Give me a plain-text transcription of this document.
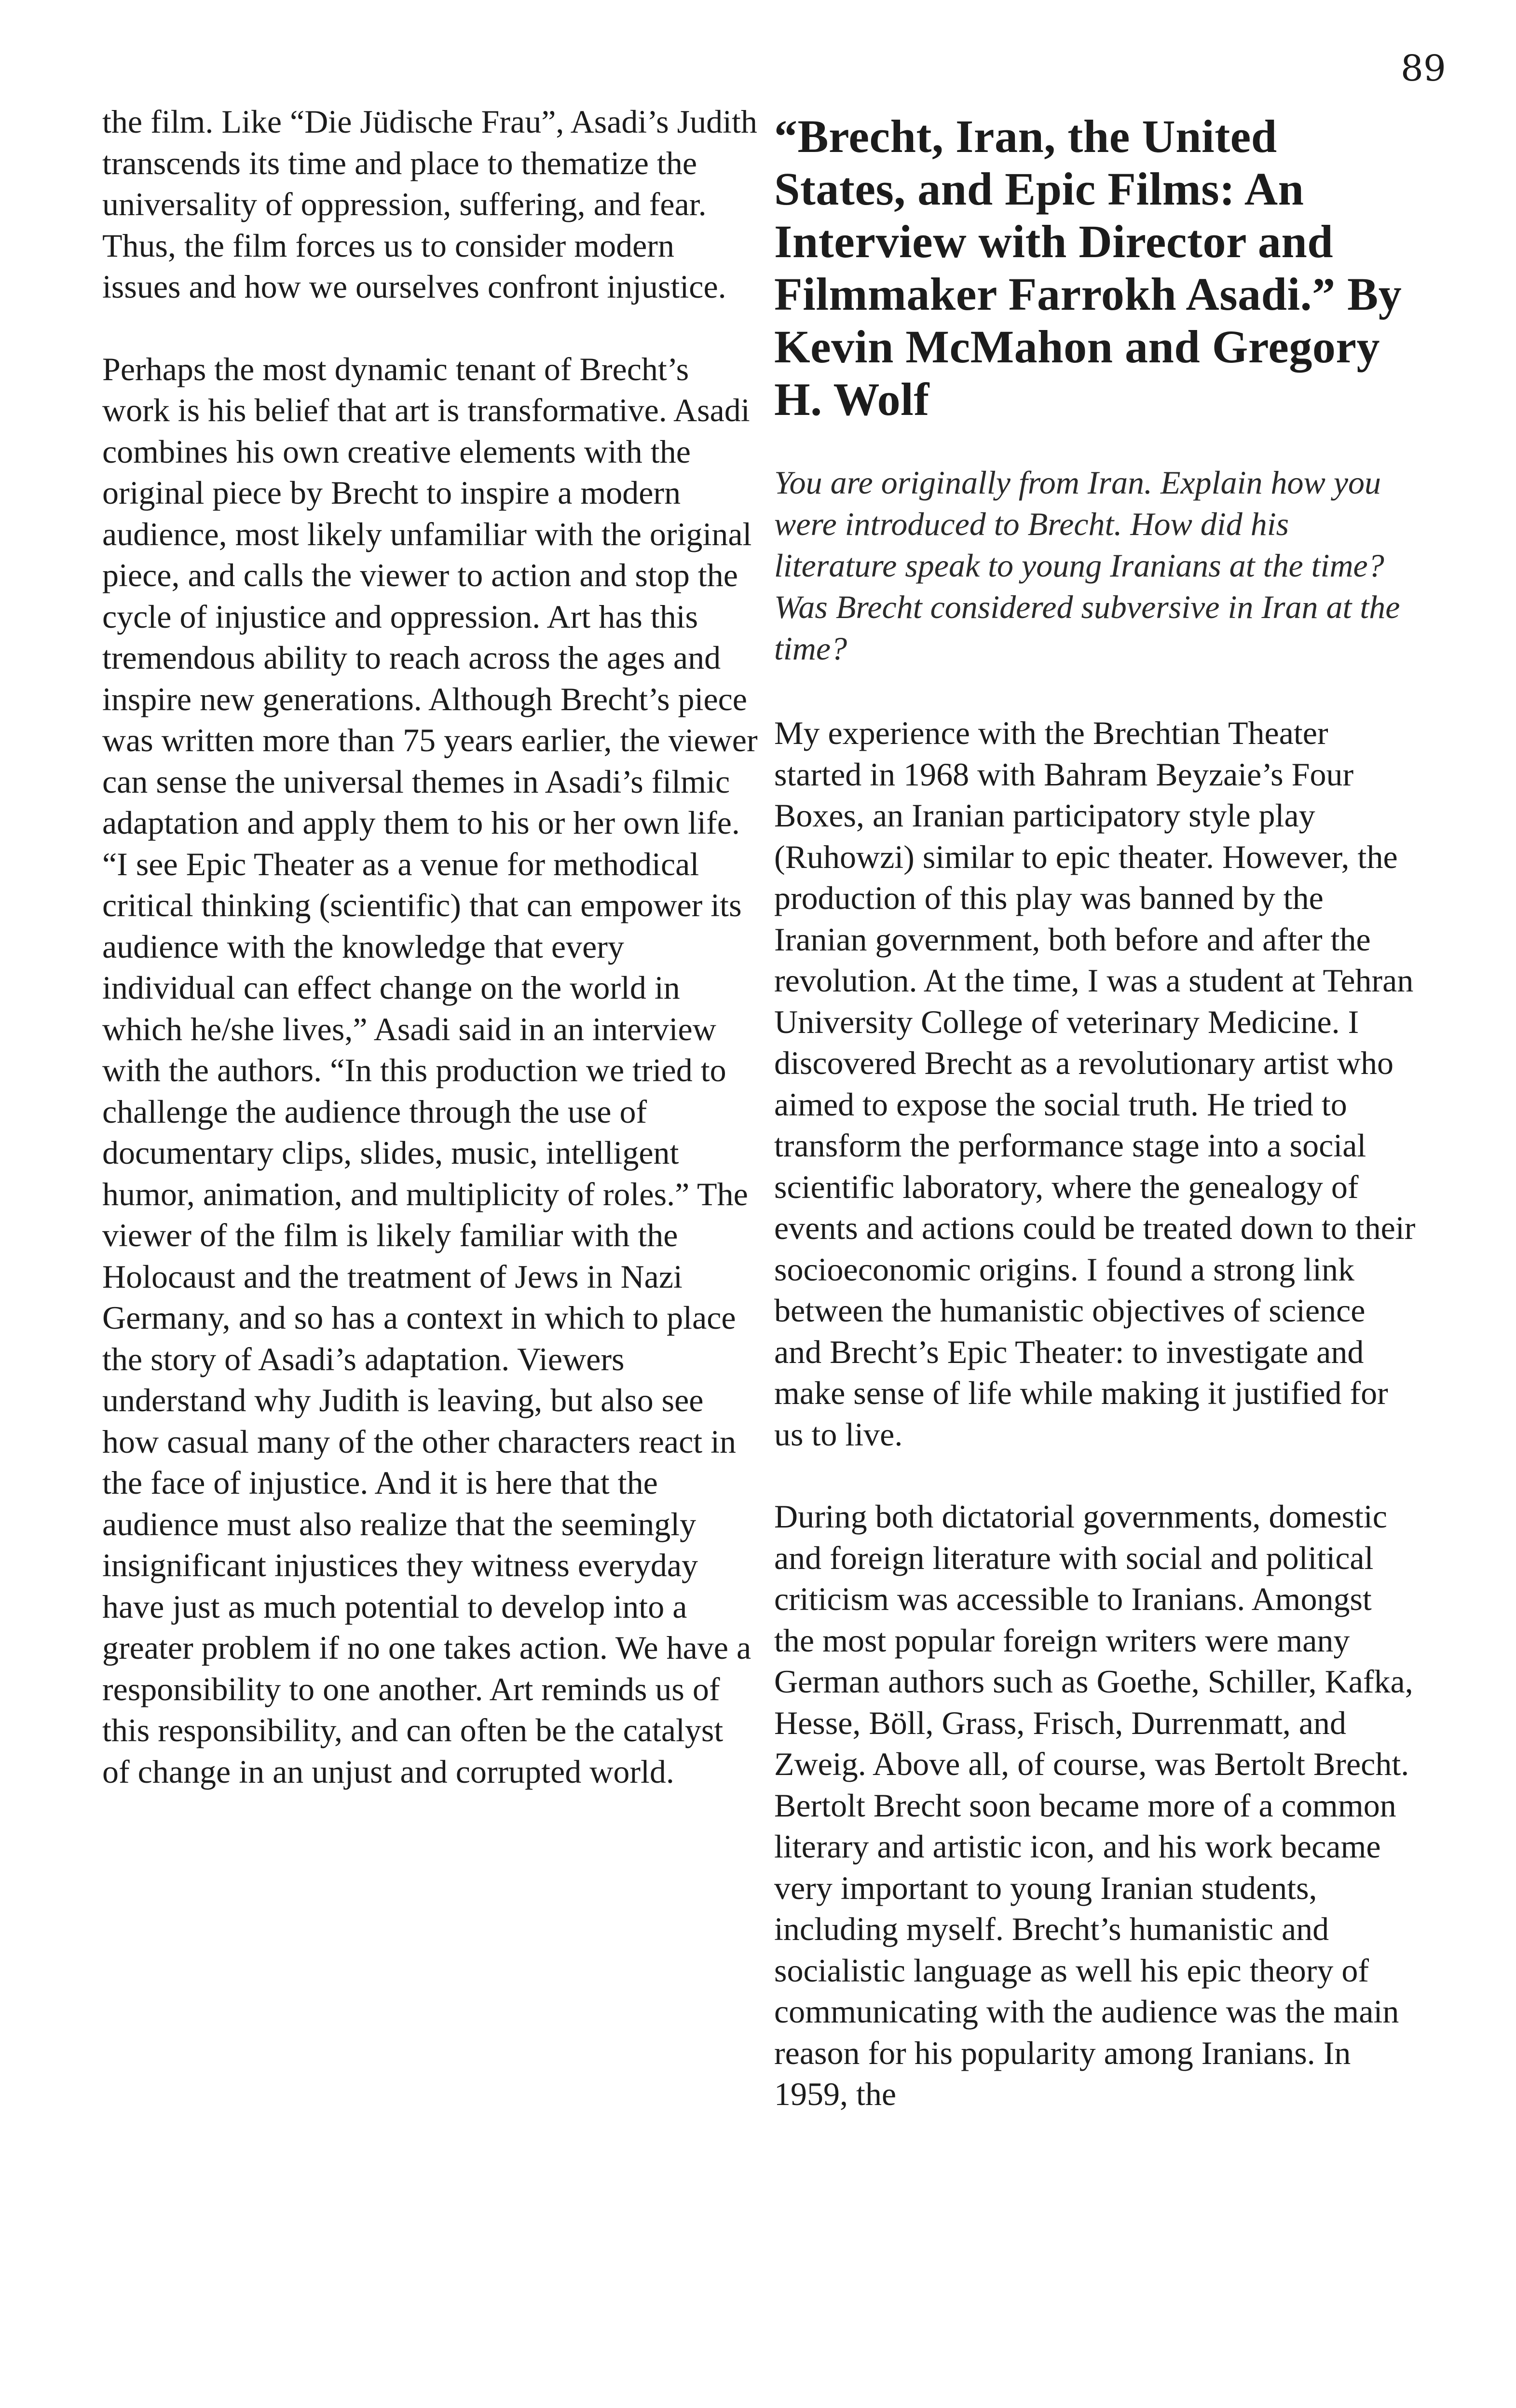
89

the film. Like “Die Jüdische Frau”, Asadi’s Judith transcends its time and place to thematize the universality of oppression, suffering, and fear. Thus, the film forces us to consider modern issues and how we ourselves confront injustice.

Perhaps the most dynamic tenant of Brecht’s work is his belief that art is transformative. Asadi combines his own creative elements with the original piece by Brecht to inspire a modern audience, most likely unfamiliar with the original piece, and calls the viewer to action and stop the cycle of injustice and oppression. Art has this tremendous ability to reach across the ages and inspire new generations. Although Brecht’s piece was written more than 75 years earlier, the viewer can sense the universal themes in Asadi’s filmic adaptation and apply them to his or her own life. “I see Epic Theater as a venue for methodical critical thinking (scientific) that can empower its audience with the knowledge that every individual can effect change on the world in which he/she lives,” Asadi said in an interview with the authors. “In this production we tried to challenge the audience through the use of documentary clips, slides, music, intelligent humor, animation, and multiplicity of roles.” The viewer of the film is likely familiar with the Holocaust and the treatment of Jews in Nazi Germany, and so has a context in which to place the story of Asadi’s adaptation. Viewers understand why Judith is leaving, but also see how casual many of the other characters react in the face of injustice. And it is here that the audience must also realize that the seemingly insignificant injustices they witness everyday have just as much potential to develop into a greater problem if no one takes action. We have a responsibility to one another. Art reminds us of this responsibility, and can often be the catalyst of change in an unjust and corrupted world.

“Brecht, Iran, the United States, and Epic Films: An Interview with Director and Filmmaker Farrokh Asadi.” By Kevin McMahon and Gregory H. Wolf

You are originally from Iran. Explain how you were introduced to Brecht. How did his literature speak to young Iranians at the time? Was Brecht considered subversive in Iran at the time?

My experience with the Brechtian Theater started in 1968 with Bahram Beyzaie’s Four Boxes, an Iranian participatory style play (Ruhowzi) similar to epic theater. However, the production of this play was banned by the Iranian government, both before and after the revolution. At the time, I was a student at Tehran University College of veterinary Medicine. I discovered Brecht as a revolutionary artist who aimed to expose the social truth. He tried to transform the performance stage into a social scientific laboratory, where the genealogy of events and actions could be treated down to their socioeconomic origins. I found a strong link between the humanistic objectives of science and Brecht’s Epic Theater: to investigate and make sense of life while making it justified for us to live.

During both dictatorial governments, domestic and foreign literature with social and political criticism was accessible to Iranians. Amongst the most popular foreign writers were many German authors such as Goethe, Schiller, Kafka, Hesse, Böll, Grass, Frisch, Durrenmatt, and Zweig. Above all, of course, was Bertolt Brecht. Bertolt Brecht soon became more of a common literary and artistic icon, and his work became very important to young Iranian students, including myself. Brecht’s humanistic and socialistic language as well his epic theory of communicating with the audience was the main reason for his popularity among Iranians. In 1959, the
